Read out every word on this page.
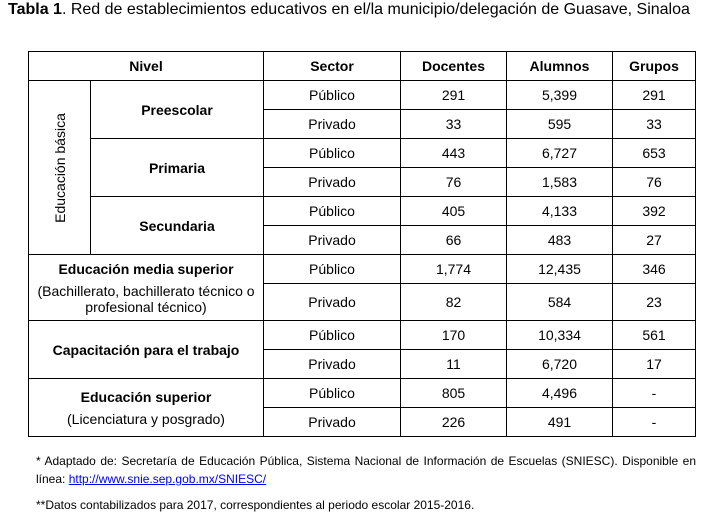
Tabla 1. Red de establecimientos educativos en el/la municipio/delegación de Guasave, Sinaloa
Nivel		Sector	Docentes	Alumnos	Grupos

Educación básica	Preescolar	Público	291	5,399	291
		Privado	33	595	33
	Primaria	Público	443	6,727	653
		Privado	76	1,583	76
	Secundaria	Público	405	4,133	392
		Privado	66	483	27

Educación media superior
(Bachillerato, bachillerato técnico o profesional técnico)		Público	1,774	12,435	346
		Privado	82	584	23
Capacitación para el trabajo		Público	170	10,334	561
		Privado	11	6,720	17

Educación superior
(Licenciatura y posgrado)		Público	805	4,496	-
		Privado	226	491	-
* Adaptado de: Secretaría de Educación Pública, Sistema Nacional de Información de Escuelas (SNIESC). Disponible en línea: http://www.snie.sep.gob.mx/SNIESC/
**Datos contabilizados para 2017, correspondientes al periodo escolar 2015-2016.
